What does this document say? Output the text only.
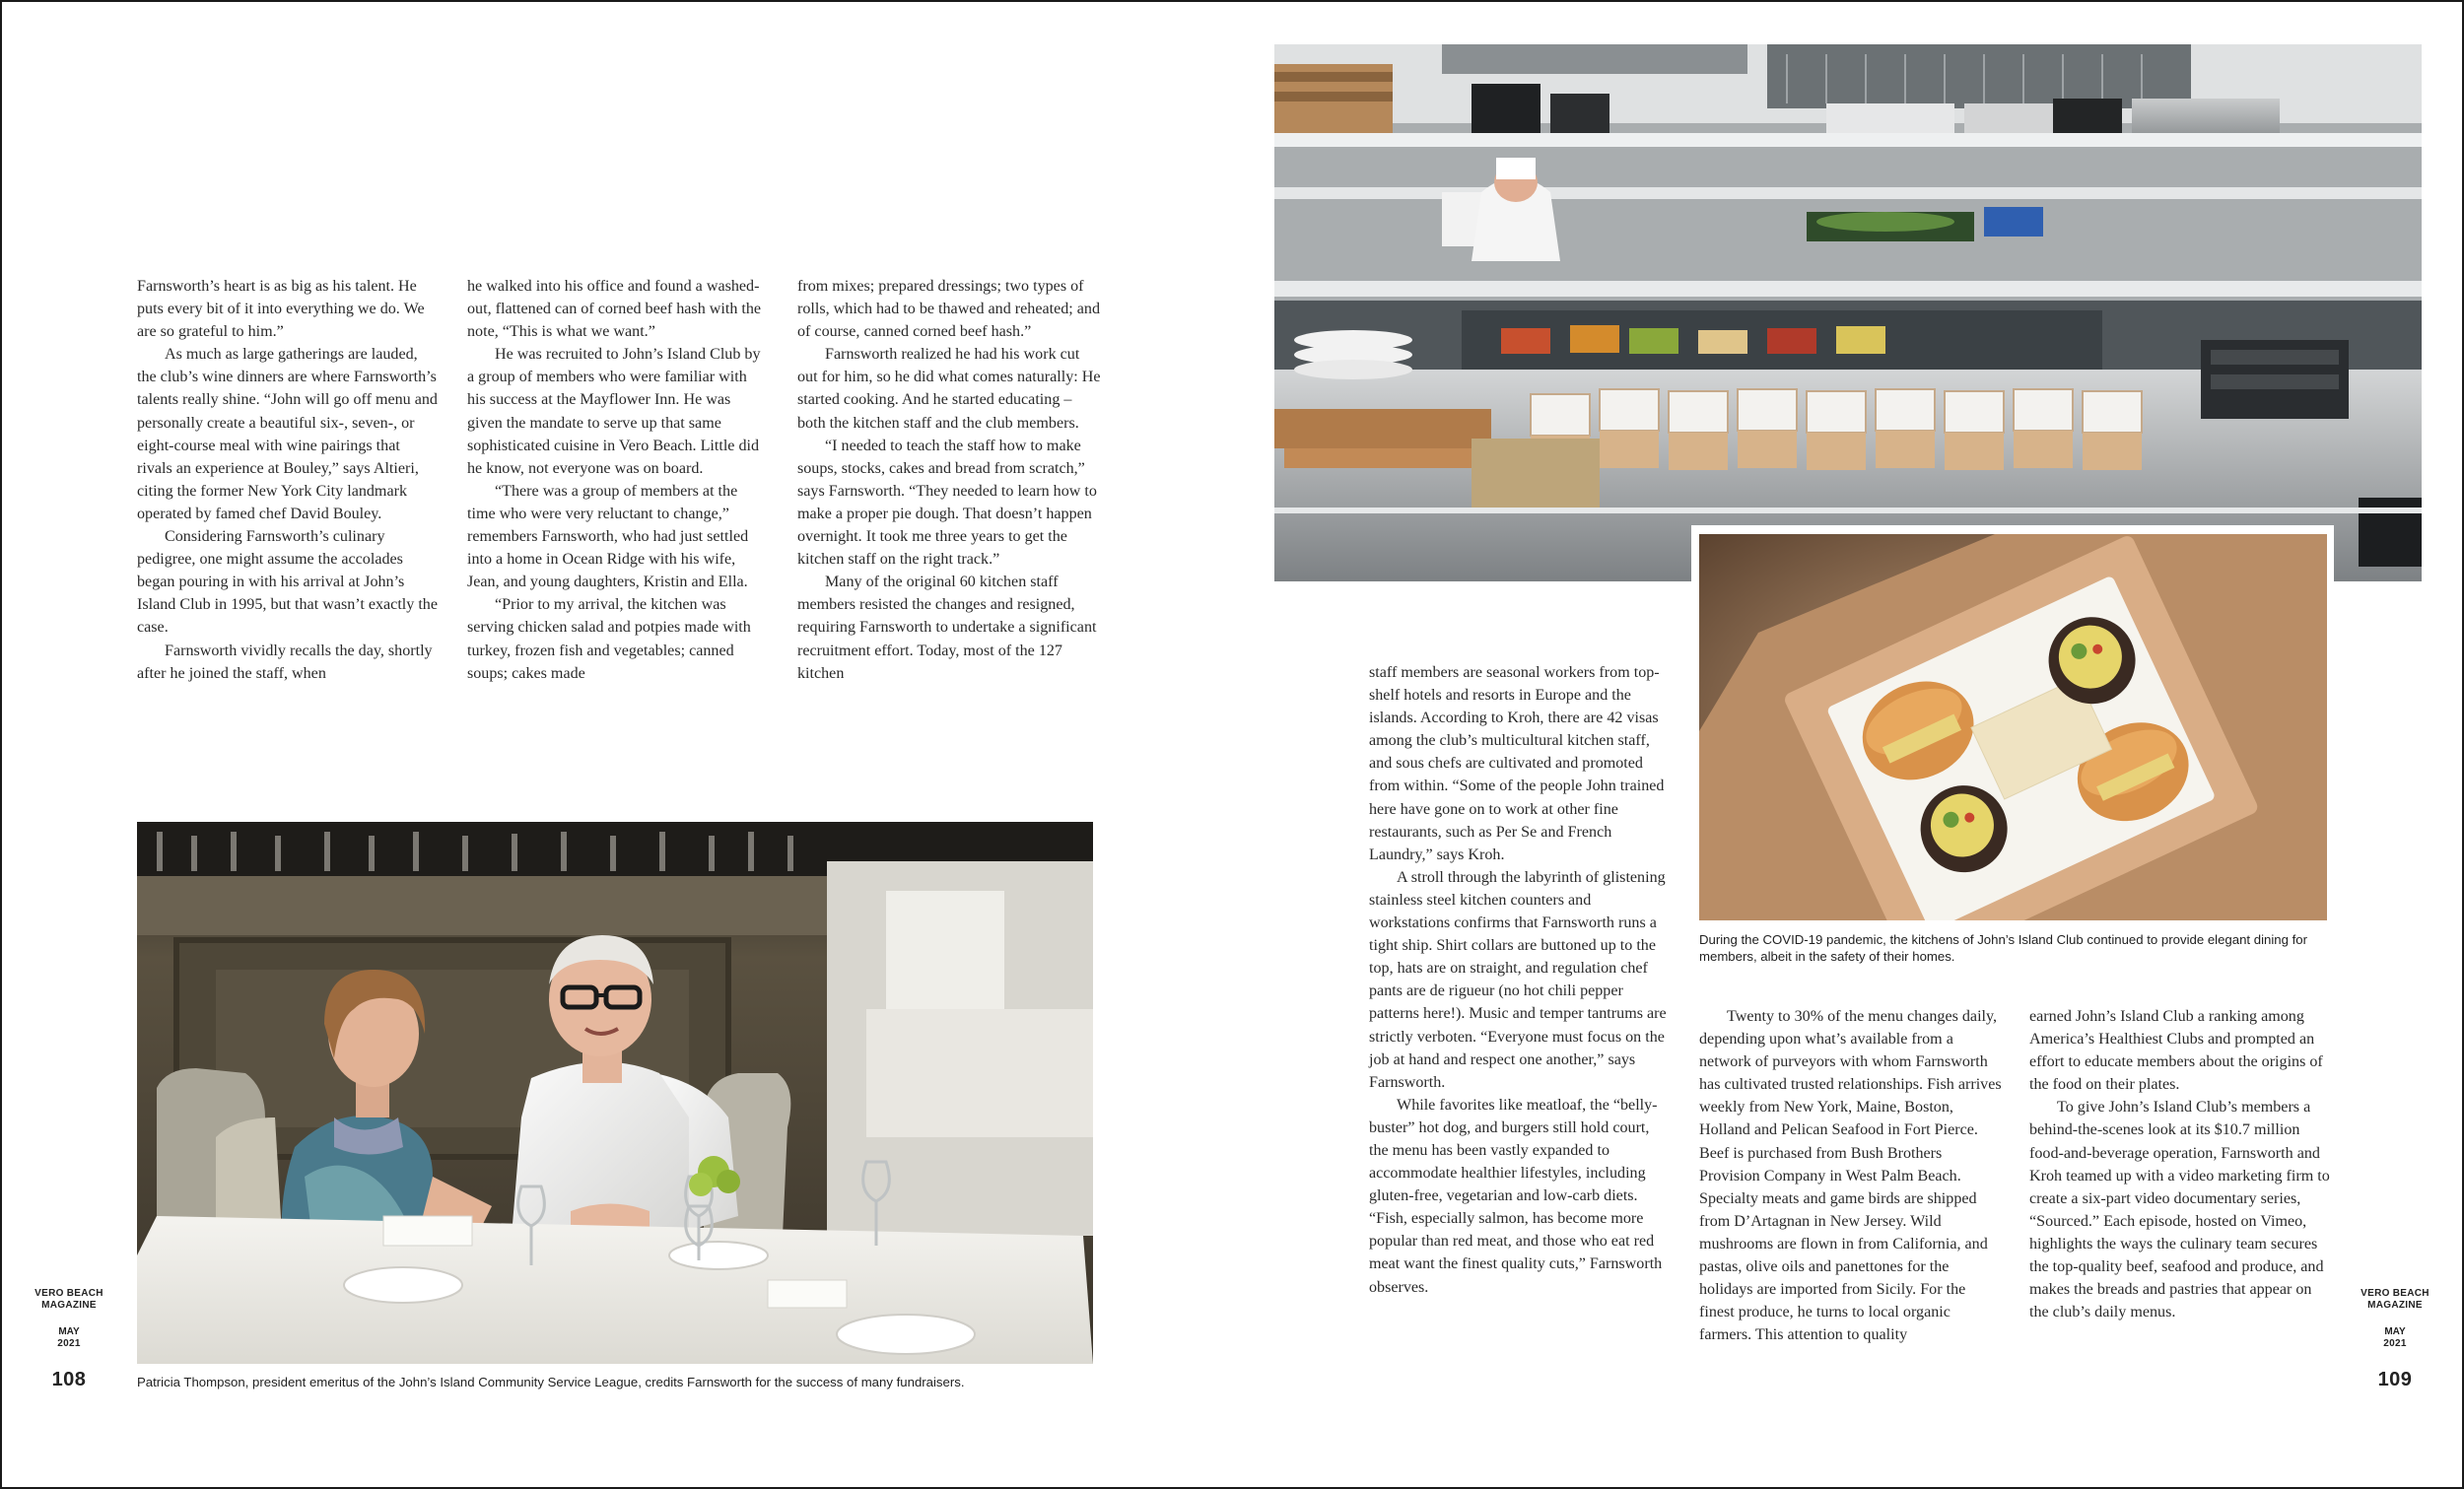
Farnsworth’s heart is as big as his talent. He puts every bit of it into everything we do. We are so grateful to him.”

As much as large gatherings are lauded, the club’s wine dinners are where Farnsworth’s talents really shine. “John will go off menu and personally create a beautiful six-, seven-, or eight-course meal with wine pairings that rivals an experience at Bouley,” says Altieri, citing the former New York City landmark operated by famed chef David Bouley.

Considering Farnsworth’s culinary pedigree, one might assume the accolades began pouring in with his arrival at John’s Island Club in 1995, but that wasn’t exactly the case.

Farnsworth vividly recalls the day, shortly after he joined the staff, when

he walked into his office and found a washed-out, flattened can of corned beef hash with the note, “This is what we want.”

He was recruited to John’s Island Club by a group of members who were familiar with his success at the Mayflower Inn. He was given the mandate to serve up that same sophisticated cuisine in Vero Beach. Little did he know, not everyone was on board.

“There was a group of members at the time who were very reluctant to change,” remembers Farnsworth, who had just settled into a home in Ocean Ridge with his wife, Jean, and young daughters, Kristin and Ella.

“Prior to my arrival, the kitchen was serving chicken salad and potpies made with turkey, frozen fish and vegetables; canned soups; cakes made

from mixes; prepared dressings; two types of rolls, which had to be thawed and reheated; and of course, canned corned beef hash.”

Farnsworth realized he had his work cut out for him, so he did what comes naturally: He started cooking. And he started educating – both the kitchen staff and the club members.

“I needed to teach the staff how to make soups, stocks, cakes and bread from scratch,” says Farnsworth. “They needed to learn how to make a proper pie dough. That doesn’t happen overnight. It took me three years to get the kitchen staff on the right track.”

Many of the original 60 kitchen staff members resisted the changes and resigned, requiring Farnsworth to undertake a significant recruitment effort. Today, most of the 127 kitchen

Patricia Thompson, president emeritus of the John’s Island Community Service League, credits Farnsworth for the success of many fundraisers.

VERO BEACH MAGAZINE
MAY
2021
108

During the COVID-19 pandemic, the kitchens of John’s Island Club continued to provide elegant dining for members, albeit in the safety of their homes.

staff members are seasonal workers from top-shelf hotels and resorts in Europe and the islands. According to Kroh, there are 42 visas among the club’s multicultural kitchen staff, and sous chefs are cultivated and promoted from within. “Some of the people John trained here have gone on to work at other fine restaurants, such as Per Se and French Laundry,” says Kroh.

A stroll through the labyrinth of glistening stainless steel kitchen counters and workstations confirms that Farnsworth runs a tight ship. Shirt collars are buttoned up to the top, hats are on straight, and regulation chef pants are de rigueur (no hot chili pepper patterns here!). Music and temper tantrums are strictly verboten. “Everyone must focus on the job at hand and respect one another,” says Farnsworth.

While favorites like meatloaf, the “belly-buster” hot dog, and burgers still hold court, the menu has been vastly expanded to accommodate healthier lifestyles, including gluten-free, vegetarian and low-carb diets. “Fish, especially salmon, has become more popular than red meat, and those who eat red meat want the finest quality cuts,” Farnsworth observes.

Twenty to 30% of the menu changes daily, depending upon what’s available from a network of purveyors with whom Farnsworth has cultivated trusted relationships. Fish arrives weekly from New York, Maine, Boston, Holland and Pelican Seafood in Fort Pierce. Beef is purchased from Bush Brothers Provision Company in West Palm Beach. Specialty meats and game birds are shipped from D’Artagnan in New Jersey. Wild mushrooms are flown in from California, and pastas, olive oils and panettones for the holidays are imported from Sicily. For the finest produce, he turns to local organic farmers. This attention to quality

earned John’s Island Club a ranking among America’s Healthiest Clubs and prompted an effort to educate members about the origins of the food on their plates.

To give John’s Island Club’s members a behind-the-scenes look at its $10.7 million food-and-beverage operation, Farnsworth and Kroh teamed up with a video marketing firm to create a six-part video documentary series, “Sourced.” Each episode, hosted on Vimeo, highlights the ways the culinary team secures the top-quality beef, seafood and produce, and makes the breads and pastries that appear on the club’s daily menus.

VERO BEACH MAGAZINE
MAY
2021
109
